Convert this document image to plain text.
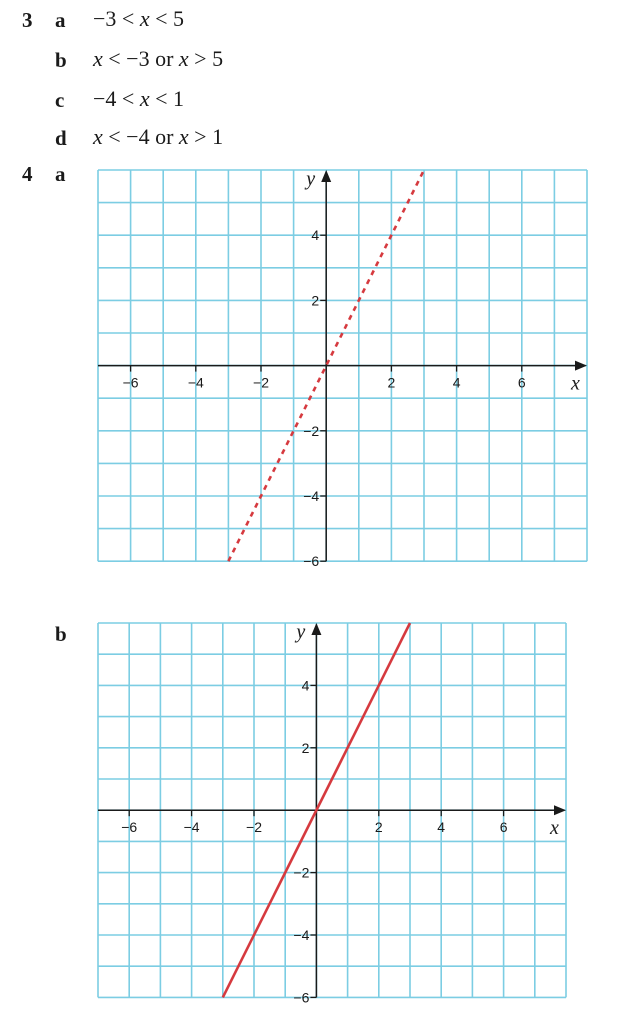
3 a −3 < x < 5
b x < −3 or x > 5
c −4 < x < 1
d x < −4 or x > 1
4 a
b
x
y
−6	−4	−2	2	4	6
4
2
−2
−4
−6
x
y
−6	−4	−2	2	4	6
4
2
−2
−4
−6
